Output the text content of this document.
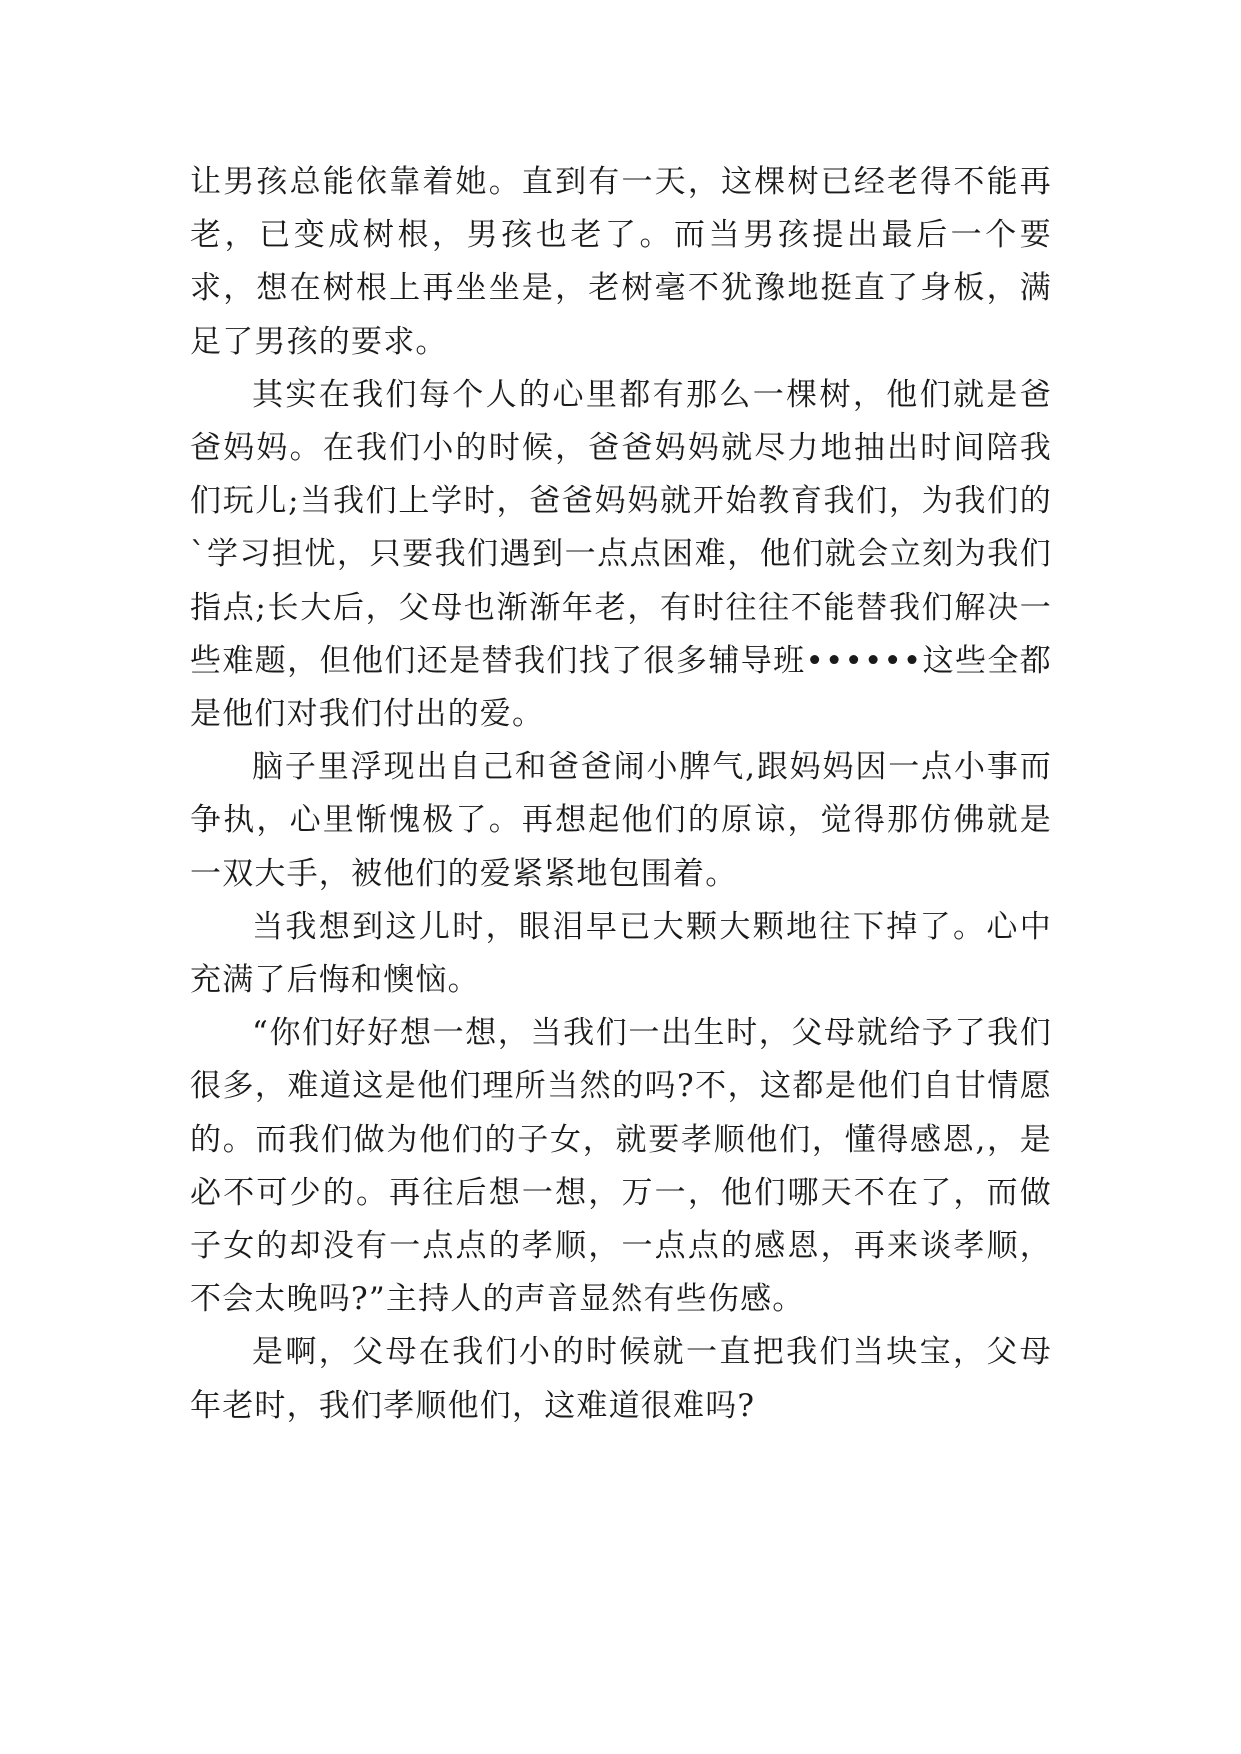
让男孩总能依靠着她。直到有一天，这棵树已经老得不能再老，已变成树根，男孩也老了。而当男孩提出最后一个要求，想在树根上再坐坐是，老树毫不犹豫地挺直了身板，满足了男孩的要求。

其实在我们每个人的心里都有那么一棵树，他们就是爸爸妈妈。在我们小的时候，爸爸妈妈就尽力地抽出时间陪我们玩儿;当我们上学时，爸爸妈妈就开始教育我们，为我们的`学习担忧，只要我们遇到一点点困难，他们就会立刻为我们指点;长大后，父母也渐渐年老，有时往往不能替我们解决一些难题，但他们还是替我们找了很多辅导班••••••这些全都是他们对我们付出的爱。

脑子里浮现出自己和爸爸闹小脾气,跟妈妈因一点小事而争执，心里惭愧极了。再想起他们的原谅，觉得那仿佛就是一双大手，被他们的爱紧紧地包围着。

当我想到这儿时，眼泪早已大颗大颗地往下掉了。心中充满了后悔和懊恼。

“你们好好想一想，当我们一出生时，父母就给予了我们很多，难道这是他们理所当然的吗?不，这都是他们自甘情愿的。而我们做为他们的子女，就要孝顺他们，懂得感恩,，是必不可少的。再往后想一想，万一，他们哪天不在了，而做子女的却没有一点点的孝顺，一点点的感恩，再来谈孝顺，不会太晚吗?”主持人的声音显然有些伤感。

是啊，父母在我们小的时候就一直把我们当块宝，父母年老时，我们孝顺他们，这难道很难吗?
